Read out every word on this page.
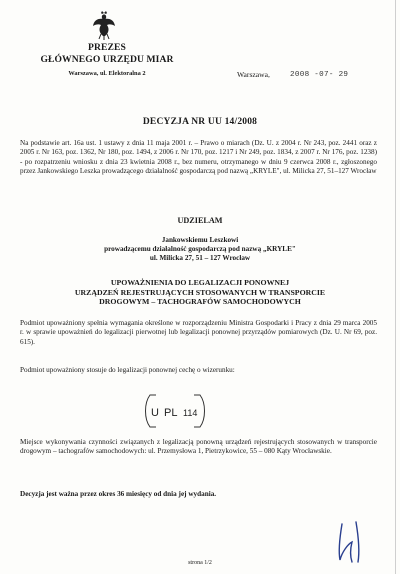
PREZES
GŁÓWNEGO URZĘDU MIAR
Warszawa, ul. Elektoralna 2	Warszawa,	2008 -07- 29
DECYZJA NR UU 14/2008
Na podstawie art. 16a ust. 1 ustawy z dnia 11 maja 2001 r. – Prawo o miarach (Dz. U. z 2004 r. Nr 243, poz. 2441 oraz z 2005 r. Nr 163, poz. 1362, Nr 180, poz. 1494, z 2006 r. Nr 170, poz. 1217 i Nr 249, poz. 1834, z 2007 r. Nr 176, poz. 1238) - po rozpatrzeniu wniosku z dnia 23 kwietnia 2008 r., bez numeru, otrzymanego w dniu 9 czerwca 2008 r., zgłoszonego przez Jankowskiego Leszka prowadzącego działalność gospodarczą pod nazwą „KRYLE", ul. Milicka 27, 51–127 Wrocław
UDZIELAM
Jankowskiemu Leszkowi
prowadzącemu działalność gospodarczą pod nazwą „KRYLE"
ul. Milicka 27, 51 – 127 Wrocław
UPOWAŻNIENIA DO LEGALIZACJI PONOWNEJ
URZĄDZEŃ REJESTRUJĄCYCH STOSOWANYCH W TRANSPORCIE
DROGOWYM – TACHOGRAFÓW SAMOCHODOWYCH
Podmiot upoważniony spełnia wymagania określone w rozporządzeniu Ministra Gospodarki i Pracy z dnia 29 marca 2005 r. w sprawie upoważnień do legalizacji pierwotnej lub legalizacji ponownej przyrządów pomiarowych (Dz. U. Nr 69, poz. 615).
Podmiot upoważniony stosuje do legalizacji ponownej cechę o wizerunku:
U PL 114
Miejsce wykonywania czynności związanych z legalizacją ponowną urządzeń rejestrujących stosowanych w transporcie drogowym – tachografów samochodowych: ul. Przemysłowa 1, Pietrzykowice, 55 – 080 Kąty Wrocławskie.
Decyzja jest ważna przez okres 36 miesięcy od dnia jej wydania.
strona 1/2
